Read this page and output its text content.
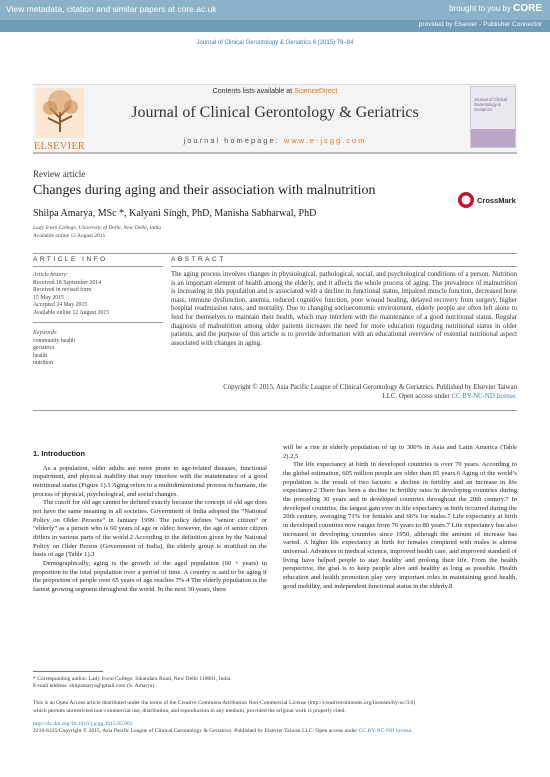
View metadata, citation and similar papers at core.ac.uk	brought to you by CORE
provided by Elsevier - Publisher Connector
Journal of Clinical Gerontology & Geriatrics 6 (2015) 78–84
ELSEVIER
Contents lists available at ScienceDirect
Journal of Clinical Gerontology & Geriatrics
journal homepage: www.e-jcgg.com
Journal of Clinical Gerontology & Geriatrics
Review article
Changes during aging and their association with malnutrition
CrossMark
Shilpa Amarya, MSc *, Kalyani Singh, PhD, Manisha Sabharwal, PhD
Lady Irwin College, University of Delhi, New Delhi, India
Available online 12 August 2015
ARTICLE INFO	ABSTRACT
Article history:
Received 18 September 2014
Received in revised form
15 May 2015
Accepted 24 May 2015
Available online 12 August 2015
Keywords:
community health
geriatrics
health
nutrition
The aging process involves changes in physiological, pathological, social, and psychological conditions of a person. Nutrition is an important element of health among the elderly, and it affects the whole process of aging. The prevalence of malnutrition is increasing in this population and is associated with a decline in functional status, impaired muscle function, decreased bone mass, immune dysfunction, anemia, reduced cognitive function, poor wound healing, delayed recovery from surgery, higher hospital readmission rates, and mortality. Due to changing socioeconomic environment, elderly people are often left alone to fend for themselves to maintain their health, which may interfere with the maintenance of a good nutritional status. Regular diagnosis of malnutrition among older patients increases the need for more education regarding nutritional status in older patients, and the purpose of this article is to provide information with an educational overview of essential nutritional aspect associated with changes in aging.
Copyright © 2015, Asia Pacific League of Clinical Gerontology & Geriatrics. Published by Elsevier Taiwan
LLC. Open access under CC BY-NC-ND license.
1. Introduction

As a population, older adults are more prone to age-related diseases, functional impairment, and physical inability that may interfere with the maintenance of a good nutritional status (Figure 1).1 Aging refers to a multidimensional process in humans, the process of physical, psychological, and social changes.

The cutoff for old age cannot be defined exactly because the concept of old age does not have the same meaning in all societies. Government of India adopted the “National Policy on Older Persons” in January 1999. The policy defines “senior citizen” or “elderly” as a person who is 60 years of age or older; however, the age of senior citizen differs in various parts of the world.2 According to the definition given by the National Policy on Older Person (Government of India), the elderly group is stratified on the basis of age (Table 1).3

Demographically, aging is the growth of the aged population (60 + years) in proportion to the total population over a period of time. A country is said to be aging if the proportion of people over 65 years of age reaches 7%.4 The elderly population is the fastest growing segment throughout the world. In the next 30 years, there

will be a rise in elderly population of up to 300% in Asia and Latin America (Table 2).2,5

The life expectancy at birth in developed countries is over 70 years. According to the global estimation, 605 million people are older than 65 years.6 Aging of the world’s population is the result of two factors: a decline in fertility and an increase in life expectancy.2 There has been a decline in fertility rates in developing countries during the preceding 30 years and in developed countries throughout the 20th century.7 In developed countries, the largest gain ever in life expectancy at birth occurred during the 20th century, averaging 71% for females and 66% for males.7 Life expectancy at birth in developed countries now ranges from 76 years to 80 years.7 Life expectancy has also increased in developing countries since 1950, although the amount of increase has varied. A higher life expectancy at birth for females compared with males is almost universal. Advances in medical science, improved health care, and improved standard of living have helped people to stay healthy and prolong their life. From the health perspective, the goal is to keep people alive and healthy as long as possible. Health education and health promotion play very important roles in maintaining good health, good mobility, and independent functional status in the elderly.8

* Corresponding author. Lady Irwin College, Sikandara Road, New Delhi 110001, India.
E-mail address: shilpamarya@gmail.com (S. Amarya).
This is an Open Access article distributed under the terms of the Creative Commons Attribution Non-Commercial License (http://creativecommons.org/licenses/by-nc/3.0)
which permits unrestricted non-commercial use, distribution, and reproduction in any medium, provided the original work is properly cited.
http://dx.doi.org/10.1016/j.jcgg.2015.05.003
2210-8335/Copyright © 2015, Asia Pacific League of Clinical Gerontology & Geriatrics. Published by Elsevier Taiwan LLC. Open access under CC BY-NC-ND license.
